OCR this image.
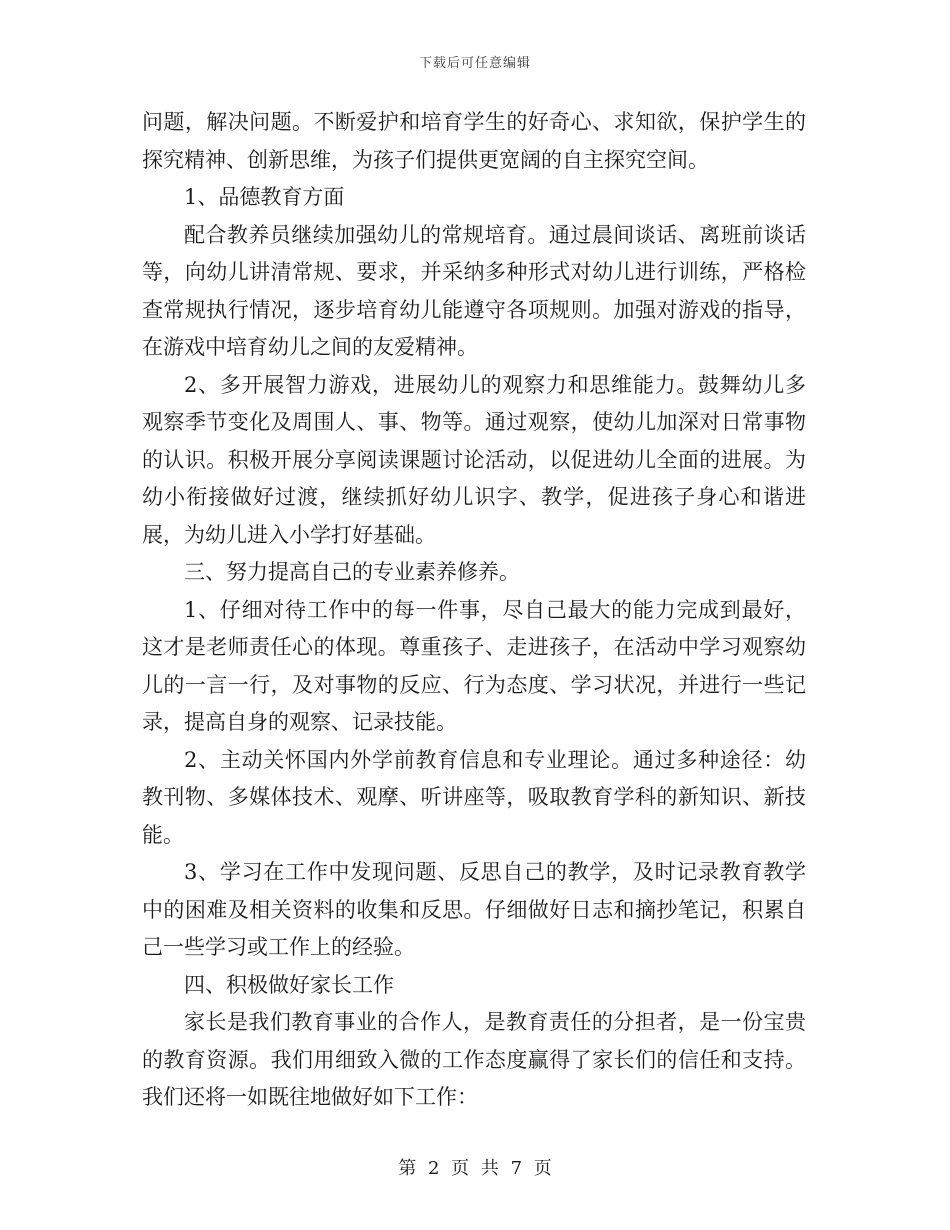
下载后可任意编辑

问题，解决问题。不断爱护和培育学生的好奇心、求知欲，保护学生的探究精神、创新思维，为孩子们提供更宽阔的自主探究空间。

1、品德教育方面

配合教养员继续加强幼儿的常规培育。通过晨间谈话、离班前谈话等，向幼儿讲清常规、要求，并采纳多种形式对幼儿进行训练，严格检查常规执行情况，逐步培育幼儿能遵守各项规则。加强对游戏的指导，在游戏中培育幼儿之间的友爱精神。

2、多开展智力游戏，进展幼儿的观察力和思维能力。鼓舞幼儿多观察季节变化及周围人、事、物等。通过观察，使幼儿加深对日常事物的认识。积极开展分享阅读课题讨论活动，以促进幼儿全面的进展。为幼小衔接做好过渡，继续抓好幼儿识字、教学，促进孩子身心和谐进展，为幼儿进入小学打好基础。

三、努力提高自己的专业素养修养。

1、仔细对待工作中的每一件事，尽自己最大的能力完成到最好，这才是老师责任心的体现。尊重孩子、走进孩子，在活动中学习观察幼儿的一言一行，及对事物的反应、行为态度、学习状况，并进行一些记录，提高自身的观察、记录技能。

2、主动关怀国内外学前教育信息和专业理论。通过多种途径：幼教刊物、多媒体技术、观摩、听讲座等，吸取教育学科的新知识、新技能。

3、学习在工作中发现问题、反思自己的教学，及时记录教育教学中的困难及相关资料的收集和反思。仔细做好日志和摘抄笔记，积累自己一些学习或工作上的经验。

四、积极做好家长工作

家长是我们教育事业的合作人，是教育责任的分担者，是一份宝贵的教育资源。我们用细致入微的工作态度赢得了家长们的信任和支持。我们还将一如既往地做好如下工作：

第 2 页 共 7 页
